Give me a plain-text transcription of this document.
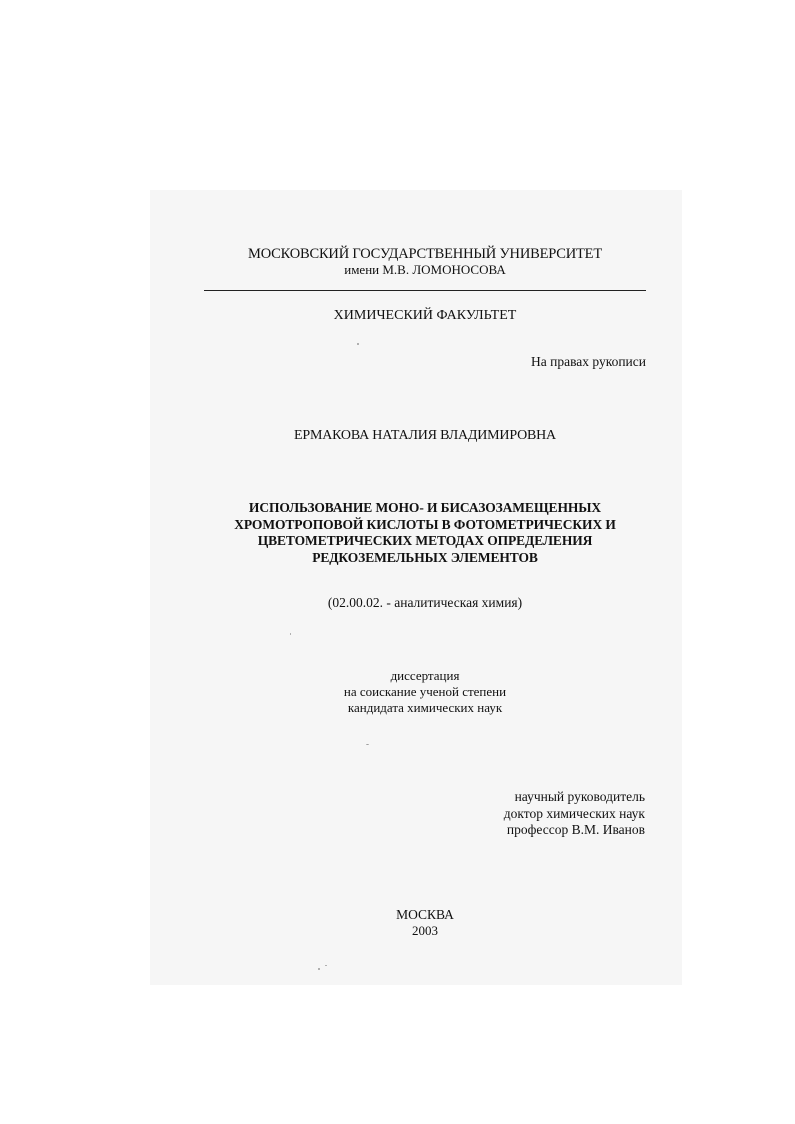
МОСКОВСКИЙ ГОСУДАРСТВЕННЫЙ УНИВЕРСИТЕТ

имени М.В. ЛОМОНОСОВА

ХИМИЧЕСКИЙ ФАКУЛЬТЕТ

На правах рукописи

ЕРМАКОВА НАТАЛИЯ ВЛАДИМИРОВНА

ИСПОЛЬЗОВАНИЕ МОНО- И БИСАЗОЗАМЕЩЕННЫХ
ХРОМОТРОПОВОЙ КИСЛОТЫ В ФОТОМЕТРИЧЕСКИХ И
ЦВЕТОМЕТРИЧЕСКИХ МЕТОДАХ ОПРЕДЕЛЕНИЯ
РЕДКОЗЕМЕЛЬНЫХ ЭЛЕМЕНТОВ

(02.00.02. - аналитическая химия)

диссертация
на соискание ученой степени
кандидата химических наук
научный руководитель
доктор химических наук
профессор В.М. Иванов

МОСКВА

2003
